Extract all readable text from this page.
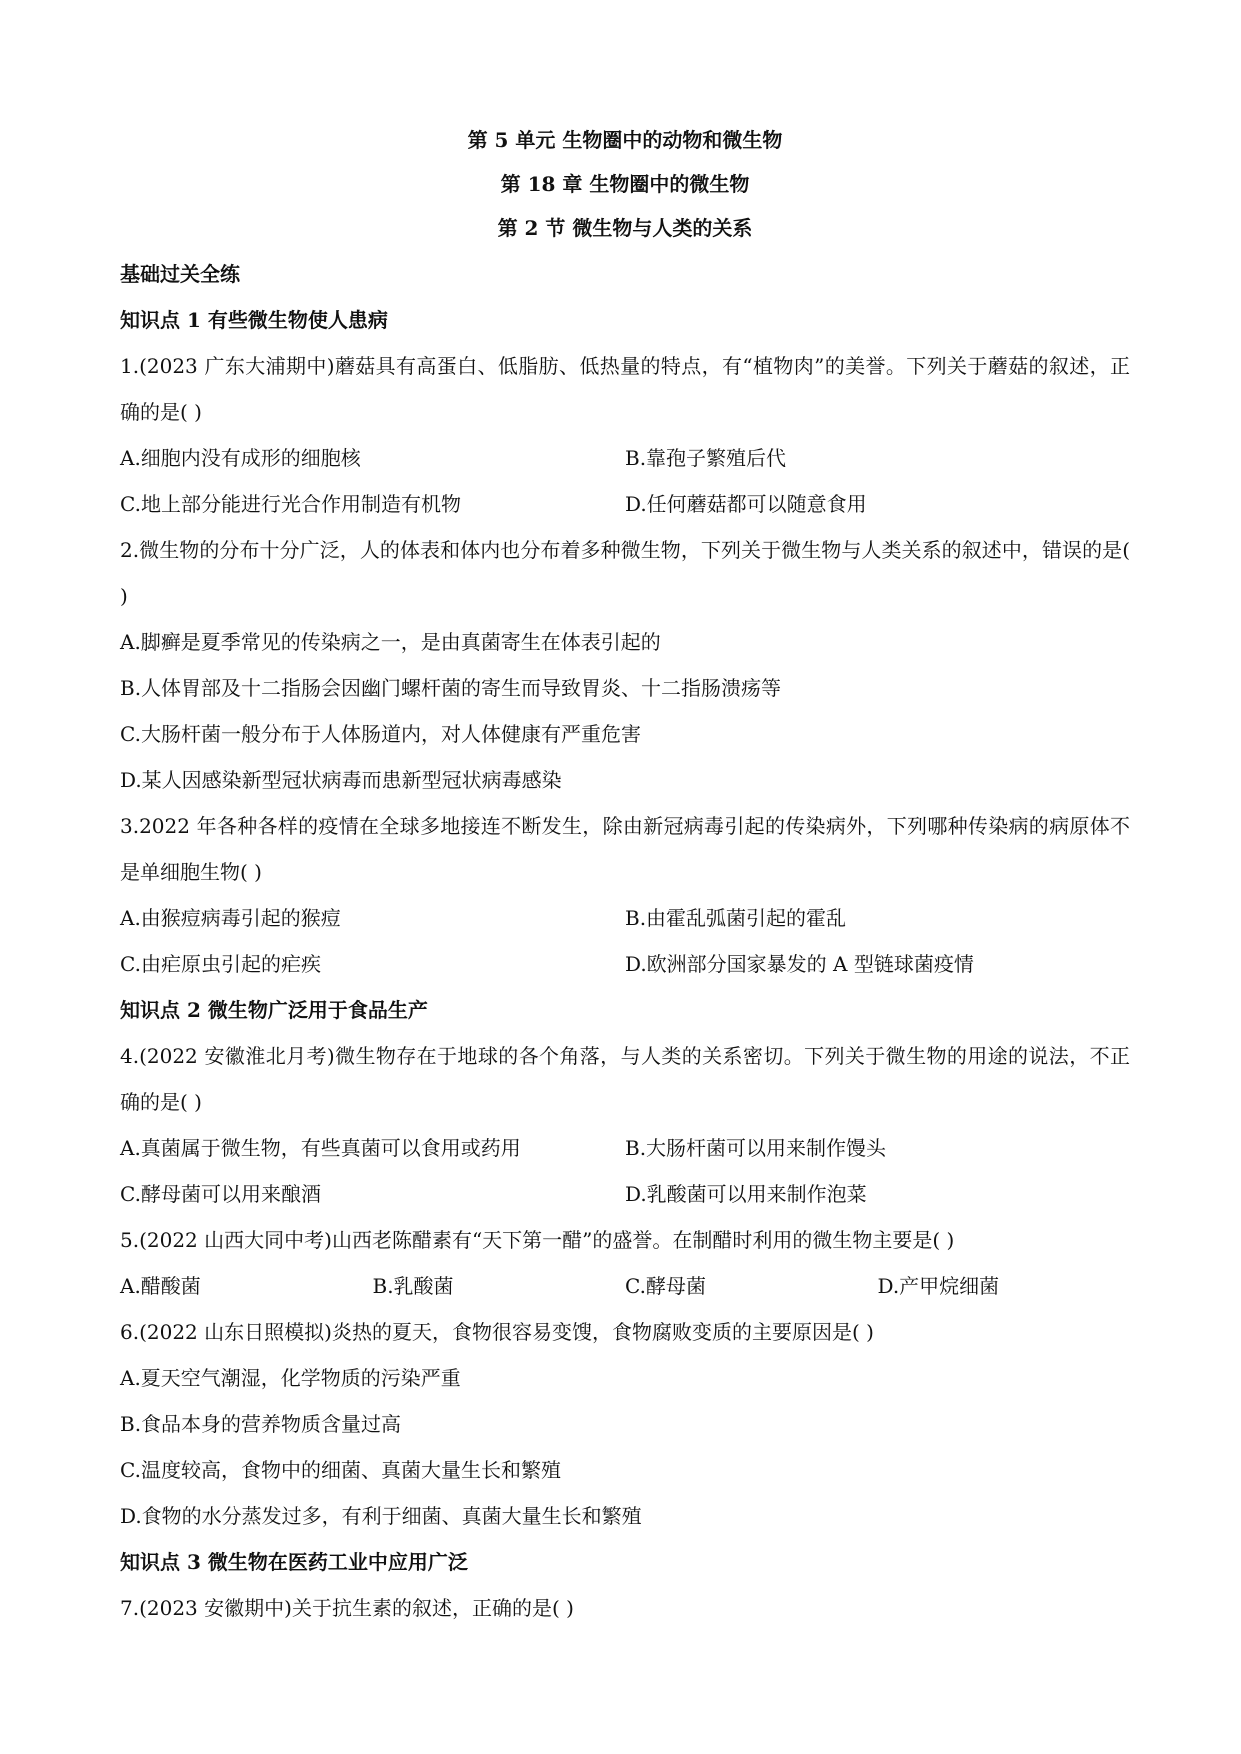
第 5 单元 生物圈中的动物和微生物
第 18 章 生物圈中的微生物
第 2 节 微生物与人类的关系
基础过关全练
知识点 1 有些微生物使人患病
1.(2023 广东大浦期中)蘑菇具有高蛋白、低脂肪、低热量的特点，有“植物肉”的美誉。下列关于蘑菇的叙述，正确的是( )
A.细胞内没有成形的细胞核	B.靠孢子繁殖后代
C.地上部分能进行光合作用制造有机物	D.任何蘑菇都可以随意食用
2.微生物的分布十分广泛，人的体表和体内也分布着多种微生物，下列关于微生物与人类关系的叙述中，错误的是( )
A.脚癣是夏季常见的传染病之一，是由真菌寄生在体表引起的
B.人体胃部及十二指肠会因幽门螺杆菌的寄生而导致胃炎、十二指肠溃疡等
C.大肠杆菌一般分布于人体肠道内，对人体健康有严重危害
D.某人因感染新型冠状病毒而患新型冠状病毒感染
3.2022 年各种各样的疫情在全球多地接连不断发生，除由新冠病毒引起的传染病外，下列哪种传染病的病原体不是单细胞生物( )
A.由猴痘病毒引起的猴痘	B.由霍乱弧菌引起的霍乱
C.由疟原虫引起的疟疾	D.欧洲部分国家暴发的 A 型链球菌疫情
知识点 2 微生物广泛用于食品生产
4.(2022 安徽淮北月考)微生物存在于地球的各个角落，与人类的关系密切。下列关于微生物的用途的说法，不正确的是( )
A.真菌属于微生物，有些真菌可以食用或药用	B.大肠杆菌可以用来制作馒头
C.酵母菌可以用来酿酒	D.乳酸菌可以用来制作泡菜
5.(2022 山西大同中考)山西老陈醋素有“天下第一醋”的盛誉。在制醋时利用的微生物主要是( )
A.醋酸菌	B.乳酸菌	C.酵母菌	D.产甲烷细菌
6.(2022 山东日照模拟)炎热的夏天，食物很容易变馊，食物腐败变质的主要原因是( )
A.夏天空气潮湿，化学物质的污染严重
B.食品本身的营养物质含量过高
C.温度较高，食物中的细菌、真菌大量生长和繁殖
D.食物的水分蒸发过多，有利于细菌、真菌大量生长和繁殖
知识点 3 微生物在医药工业中应用广泛
7.(2023 安徽期中)关于抗生素的叙述，正确的是( )
